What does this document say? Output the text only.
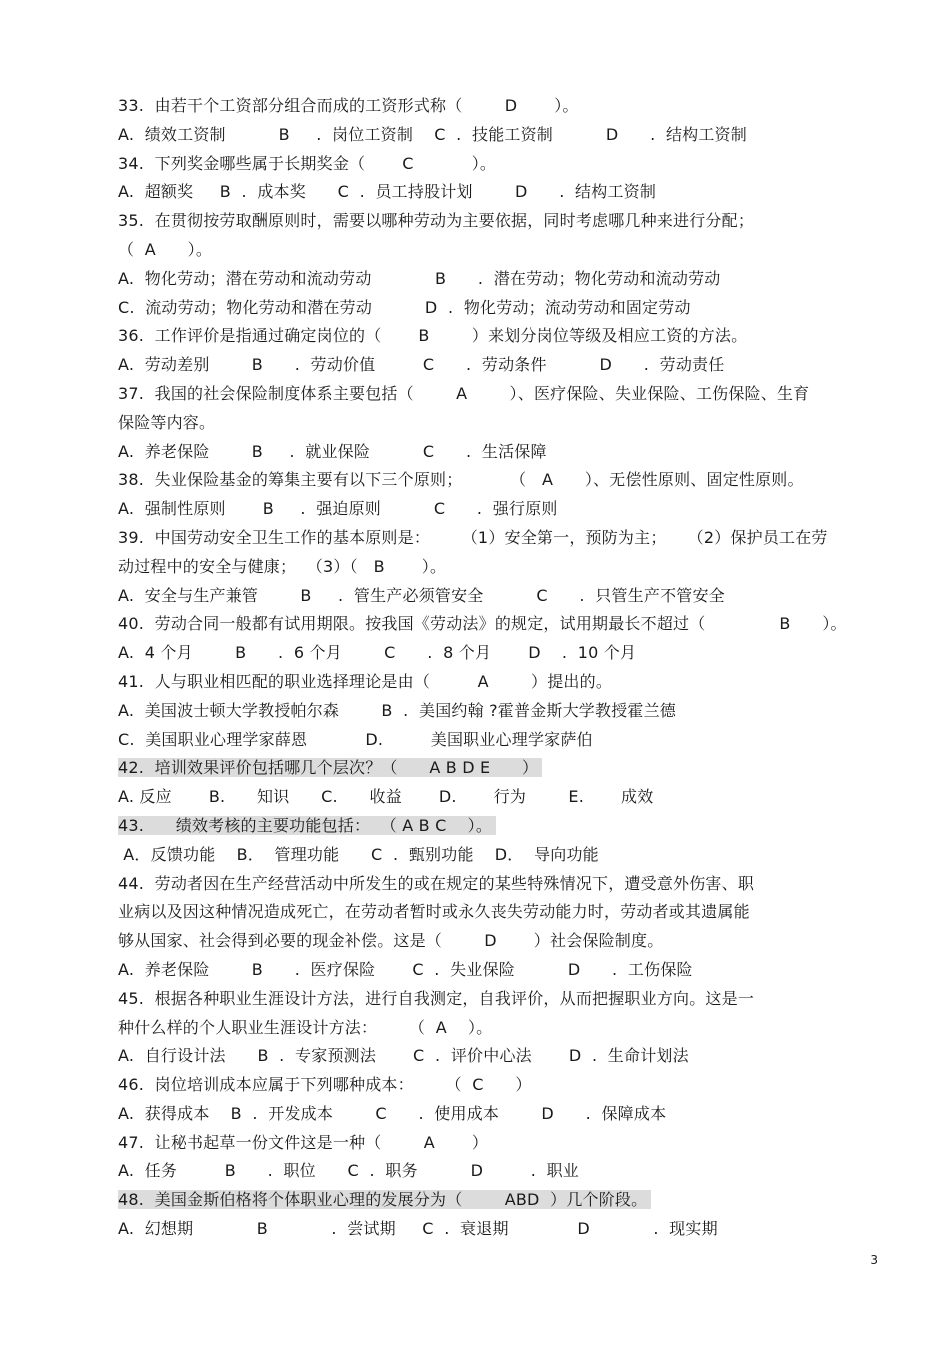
33.  由若干个工资部分组合而成的工资形式称（        D       ）。
A.  绩效工资制          B     .  岗位工资制    C  .  技能工资制          D      .  结构工资制
34.  下列奖金哪些属于长期奖金（       C           ）。
A.  超额奖     B  .  成本奖      C  .  员工持股计划        D      .  结构工资制
35.  在贯彻按劳取酬原则时，需要以哪种劳动为主要依据，同时考虑哪几种来进行分配；
（  A      ）。
A.  物化劳动；潜在劳动和流动劳动            B      .  潜在劳动；物化劳动和流动劳动
C.  流动劳动；物化劳动和潜在劳动          D  .  物化劳动；流动劳动和固定劳动
36.  工作评价是指通过确定岗位的（       B        ）来划分岗位等级及相应工资的方法。
A.  劳动差别        B      .  劳动价值         C      .  劳动条件          D      .  劳动责任
37.  我国的社会保险制度体系主要包括（        A        ）、医疗保险、失业保险、工伤保险、生育
保险等内容。
A.  养老保险        B     .  就业保险          C      .  生活保障
38.  失业保险基金的筹集主要有以下三个原则；         （   A      ）、无偿性原则、固定性原则。
A.  强制性原则       B     .  强迫原则          C      .  强行原则
39.  中国劳动安全卫生工作的基本原则是：      （1）安全第一，预防为主；    （2）保护员工在劳
动过程中的安全与健康；  （3）（   B       ）。
A.  安全与生产兼管        B     .  管生产必须管安全          C      .  只管生产不管安全
40.  劳动合同一般都有试用期限。按我国《劳动法》的规定，试用期最长不超过（              B      ）。
A.  4 个月        B      .  6 个月        C      .  8 个月       D    .  10 个月
41.  人与职业相匹配的职业选择理论是由（         A        ）提出的。
A.  美国波士顿大学教授帕尔森        B  .  美国约翰 ?霍普金斯大学教授霍兰德
C.  美国职业心理学家薛恩           D.         美国职业心理学家萨伯
42.  培训效果评价包括哪几个层次？（      A B D E      ）
A. 反应       B.      知识      C.      收益       D.       行为        E.       成效
43.      绩效考核的主要功能包括：  （ A B C    ）。
A．反馈功能    B．  管理功能      C  .  甄别功能    D．  导向功能
44.  劳动者因在生产经营活动中所发生的或在规定的某些特殊情况下，遭受意外伤害、职
业病以及因这种情况造成死亡，在劳动者暂时或永久丧失劳动能力时，劳动者或其遗属能
够从国家、社会得到必要的现金补偿。这是（        D       ）社会保险制度。
A.  养老保险        B      .  医疗保险       C  .  失业保险          D      .  工伤保险
45.  根据各种职业生涯设计方法，进行自我测定，自我评价，从而把握职业方向。这是一
种什么样的个人职业生涯设计方法：      （  A    ）。
A.  自行设计法      B  .  专家预测法       C  .  评价中心法       D  .  生命计划法
46.  岗位培训成本应属于下列哪种成本：      （  C      ）
A.  获得成本    B  .  开发成本        C      .  使用成本        D      .  保障成本
47.  让秘书起草一份文件这是一种（        A       ）
A.  任务         B      .  职位      C  .  职务          D         .  职业
48.  美国金斯伯格将个体职业心理的发展分为（        ABD  ）几个阶段。
A.  幻想期            B            .  尝试期     C  .  衰退期             D            .  现实期
3
